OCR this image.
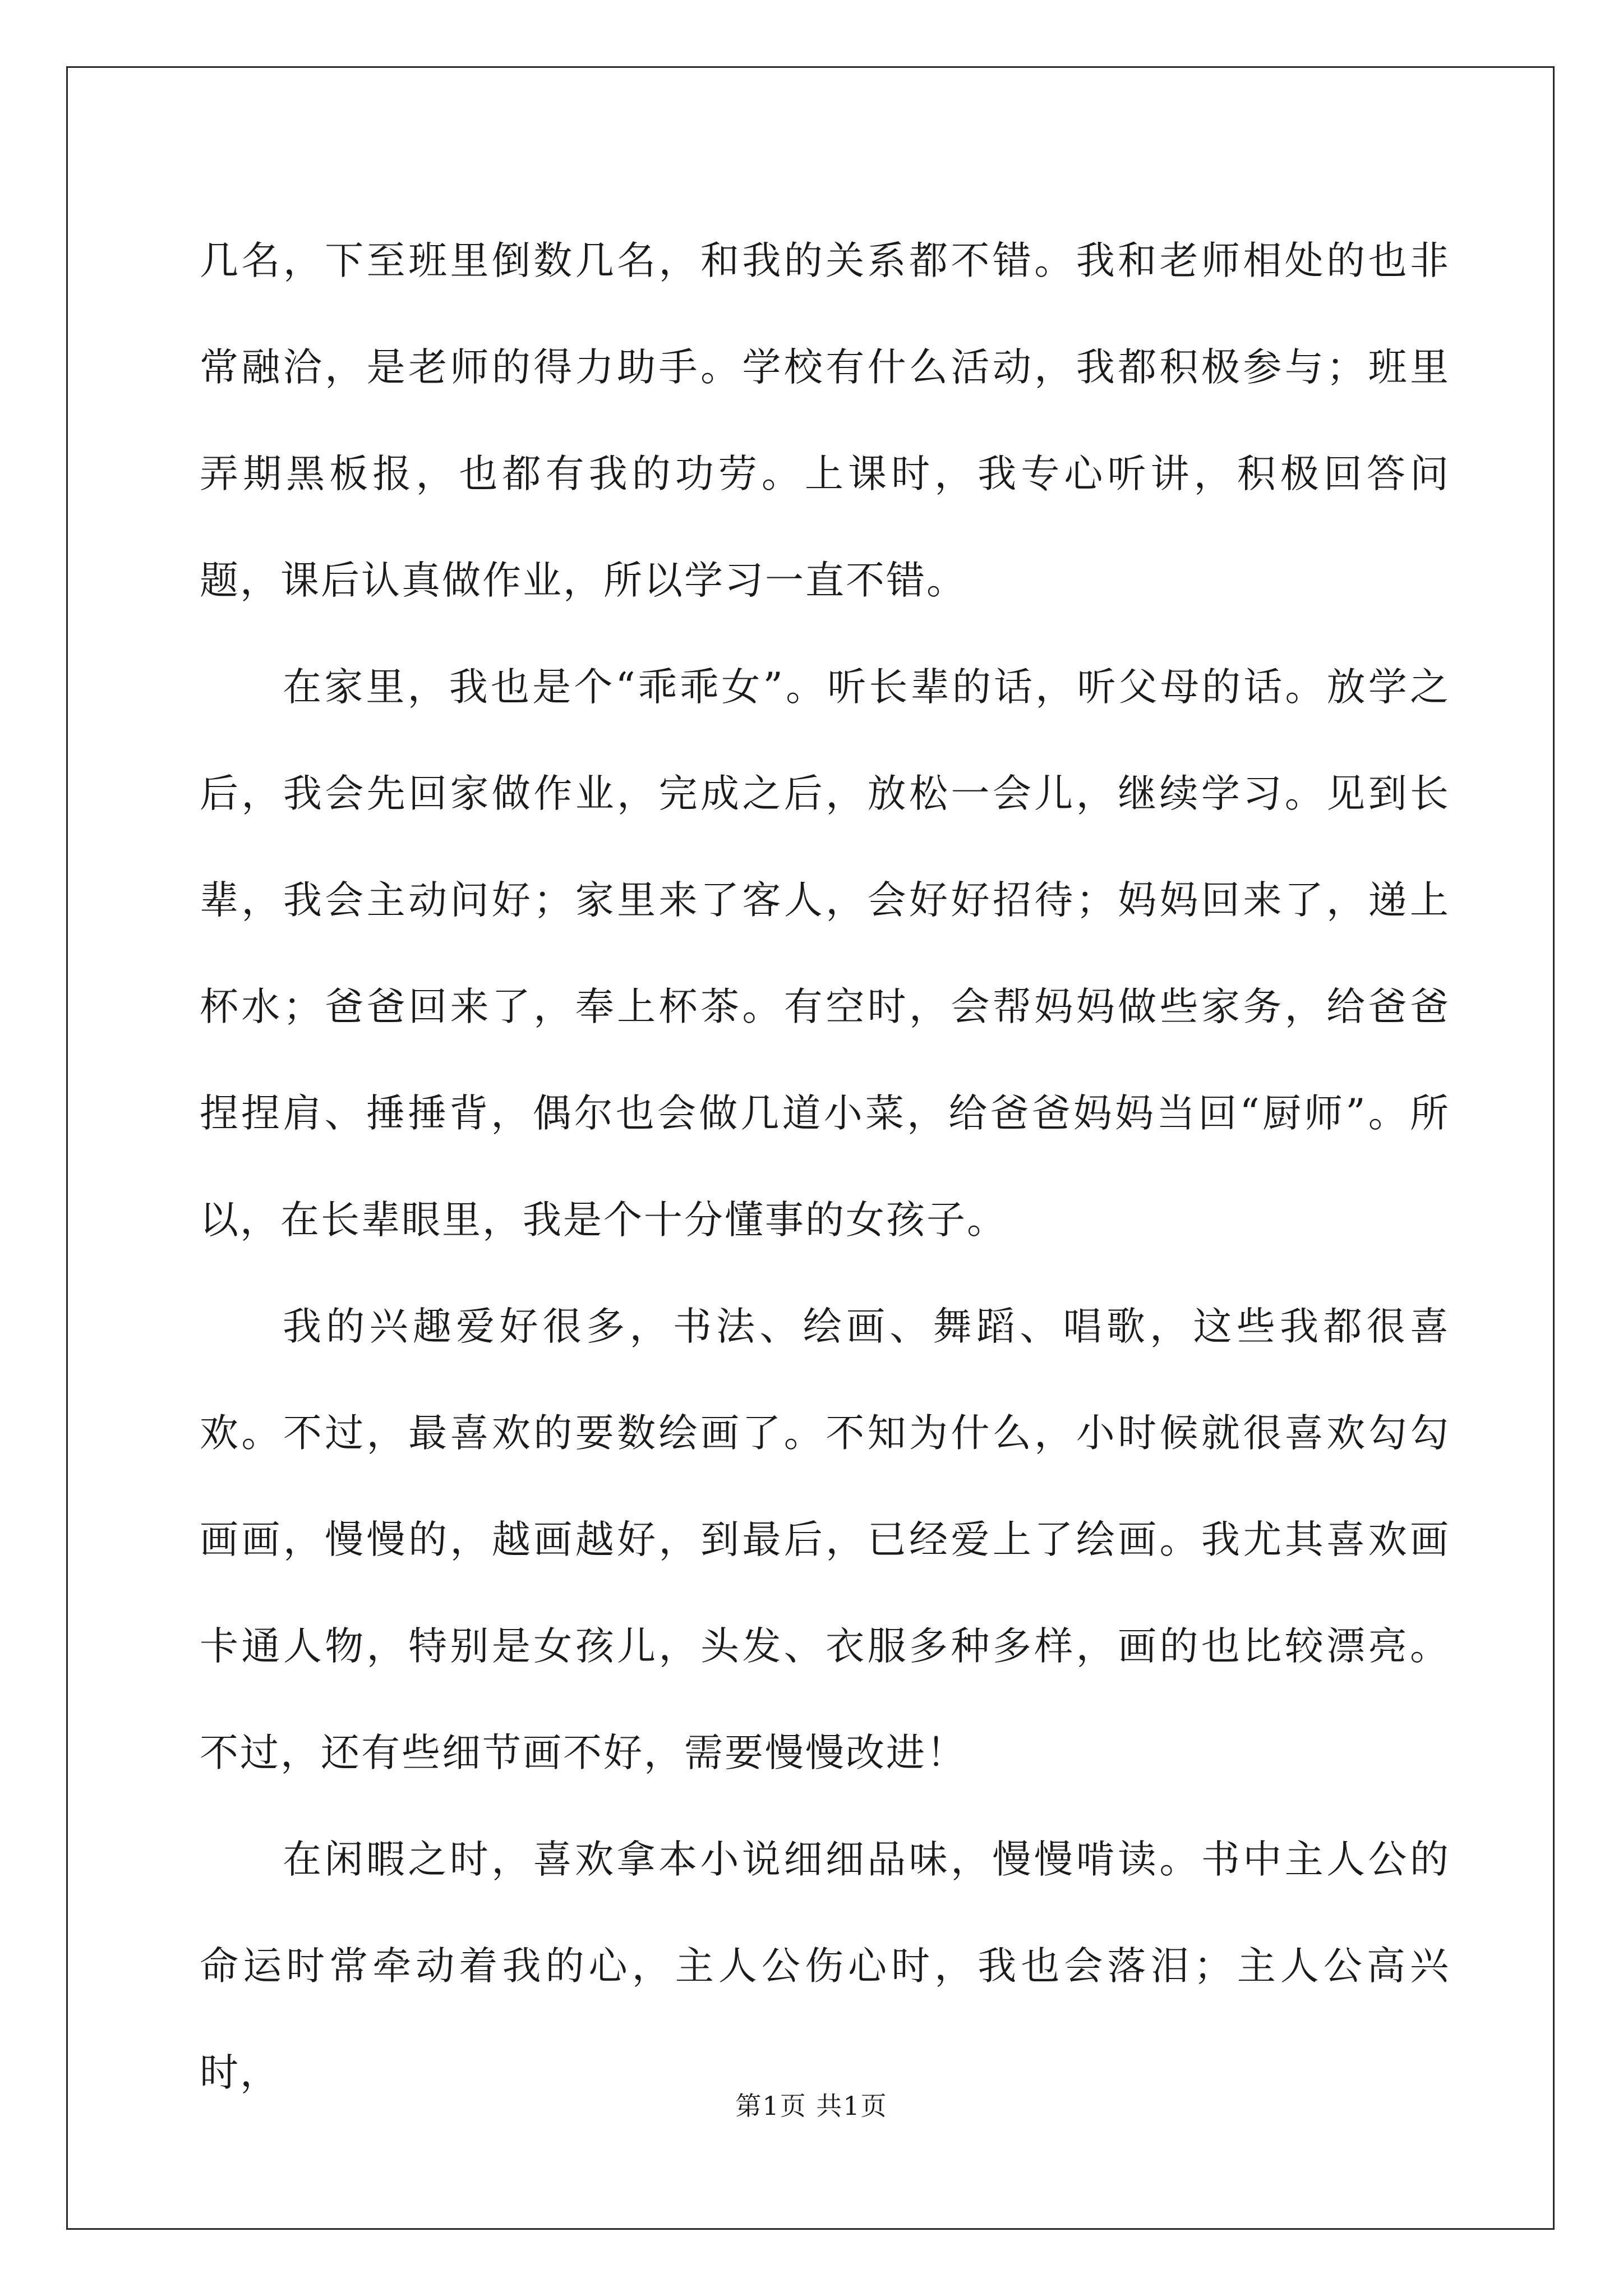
几名，下至班里倒数几名，和我的关系都不错。我和老师相处的也非常融洽，是老师的得力助手。学校有什么活动，我都积极参与；班里弄期黑板报，也都有我的功劳。上课时，我专心听讲，积极回答问题，课后认真做作业，所以学习一直不错。

在家里，我也是个“乖乖女”。听长辈的话，听父母的话。放学之后，我会先回家做作业，完成之后，放松一会儿，继续学习。见到长辈，我会主动问好；家里来了客人，会好好招待；妈妈回来了，递上杯水；爸爸回来了，奉上杯茶。有空时，会帮妈妈做些家务，给爸爸捏捏肩、捶捶背，偶尔也会做几道小菜，给爸爸妈妈当回“厨师”。所以，在长辈眼里，我是个十分懂事的女孩子。

我的兴趣爱好很多，书法、绘画、舞蹈、唱歌，这些我都很喜欢。不过，最喜欢的要数绘画了。不知为什么，小时候就很喜欢勾勾画画，慢慢的，越画越好，到最后，已经爱上了绘画。我尤其喜欢画卡通人物，特别是女孩儿，头发、衣服多种多样，画的也比较漂亮。不过，还有些细节画不好，需要慢慢改进！

在闲暇之时，喜欢拿本小说细细品味，慢慢啃读。书中主人公的命运时常牵动着我的心，主人公伤心时，我也会落泪；主人公高兴时，

第1页 共1页
